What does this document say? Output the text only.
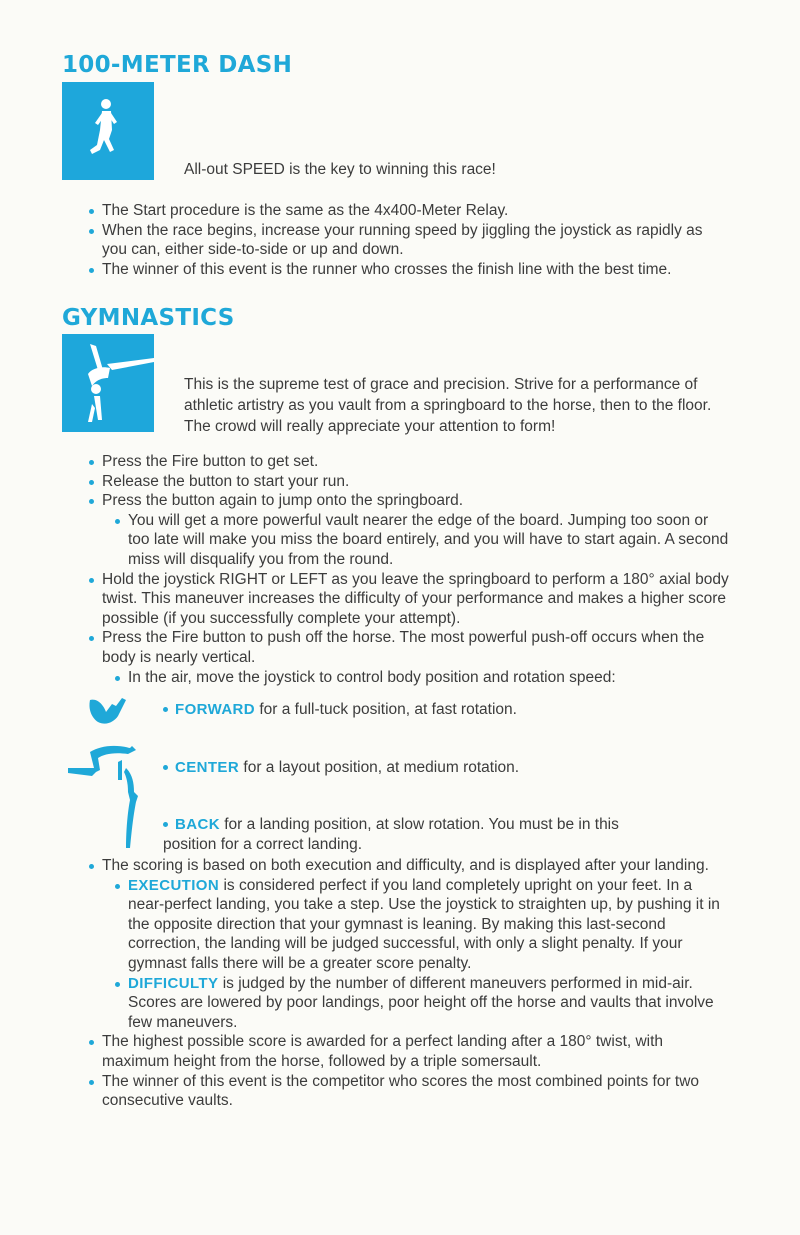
100-METER DASH

All-out SPEED is the key to winning this race!

The Start procedure is the same as the 4x400-Meter Relay.
When the race begins, increase your running speed by jiggling the joystick as rapidly as you can, either side-to-side or up and down.
The winner of this event is the runner who crosses the finish line with the best time.
GYMNASTICS

This is the supreme test of grace and precision. Strive for a performance of athletic artistry as you vault from a springboard to the horse, then to the floor. The crowd will really appreciate your attention to form!

Press the Fire button to get set.
Release the button to start your run.
Press the button again to jump onto the springboard.
You will get a more powerful vault nearer the edge of the board. Jumping too soon or too late will make you miss the board entirely, and you will have to start again. A second miss will disqualify you from the round.
Hold the joystick RIGHT or LEFT as you leave the springboard to perform a 180° axial body twist. This maneuver increases the difficulty of your performance and makes a higher score possible (if you successfully complete your attempt).
Press the Fire button to push off the horse. The most powerful push-off occurs when the body is nearly vertical.
In the air, move the joystick to control body position and rotation speed:
FORWARD for a full-tuck position, at fast rotation.
CENTER for a layout position, at medium rotation.
BACK for a landing position, at slow rotation. You must be in this position for a correct landing.
The scoring is based on both execution and difficulty, and is displayed after your landing.
EXECUTION is considered perfect if you land completely upright on your feet. In a near-perfect landing, you take a step. Use the joystick to straighten up, by pushing it in the opposite direction that your gymnast is leaning. By making this last-second correction, the landing will be judged successful, with only a slight penalty. If your gymnast falls there will be a greater score penalty.
DIFFICULTY is judged by the number of different maneuvers performed in mid-air. Scores are lowered by poor landings, poor height off the horse and vaults that involve few maneuvers.
The highest possible score is awarded for a perfect landing after a 180° twist, with maximum height from the horse, followed by a triple somersault.
The winner of this event is the competitor who scores the most combined points for two consecutive vaults.
